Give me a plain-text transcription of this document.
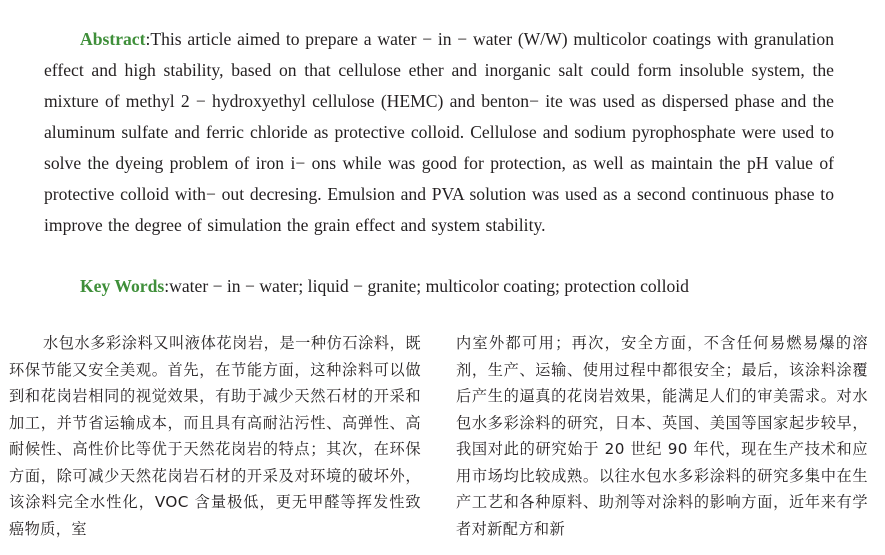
Abstract:This article aimed to prepare a water − in − water (W/W) multicolor coatings with granulation effect and high stability, based on that cellulose ether and inorganic salt could form insoluble system, the mixture of methyl 2 − hydroxyethyl cellulose (HEMC) and benton− ite was used as dispersed phase and the aluminum sulfate and ferric chloride as protective colloid. Cellulose and sodium pyrophosphate were used to solve the dyeing problem of iron i− ons while was good for protection, as well as maintain the pH value of protective colloid with− out decresing. Emulsion and PVA solution was used as a second continuous phase to improve the degree of simulation the grain effect and system stability.
Key Words:water − in − water; liquid − granite; multicolor coating; protection colloid
水包水多彩涂料又叫液体花岗岩，是一种仿石涂料，既环保节能又安全美观。首先，在节能方面，这种涂料可以做到和花岗岩相同的视觉效果，有助于减少天然石材的开采和加工，并节省运输成本，而且具有高耐沾污性、高弹性、高耐候性、高性价比等优于天然花岗岩的特点；其次，在环保方面，除可减少天然花岗岩石材的开采及对环境的破坏外，该涂料完全水性化，VOC 含量极低，更无甲醛等挥发性致癌物质，室
内室外都可用；再次，安全方面，不含任何易燃易爆的溶剂，生产、运输、使用过程中都很安全；最后，该涂料涂覆后产生的逼真的花岗岩效果，能满足人们的审美需求。对水包水多彩涂料的研究，日本、英国、美国等国家起步较早，我国对此的研究始于 20 世纪 90 年代，现在生产技术和应用市场均比较成熟。以往水包水多彩涂料的研究多集中在生产工艺和各种原料、助剂等对涂料的影响方面，近年来有学者对新配方和新
